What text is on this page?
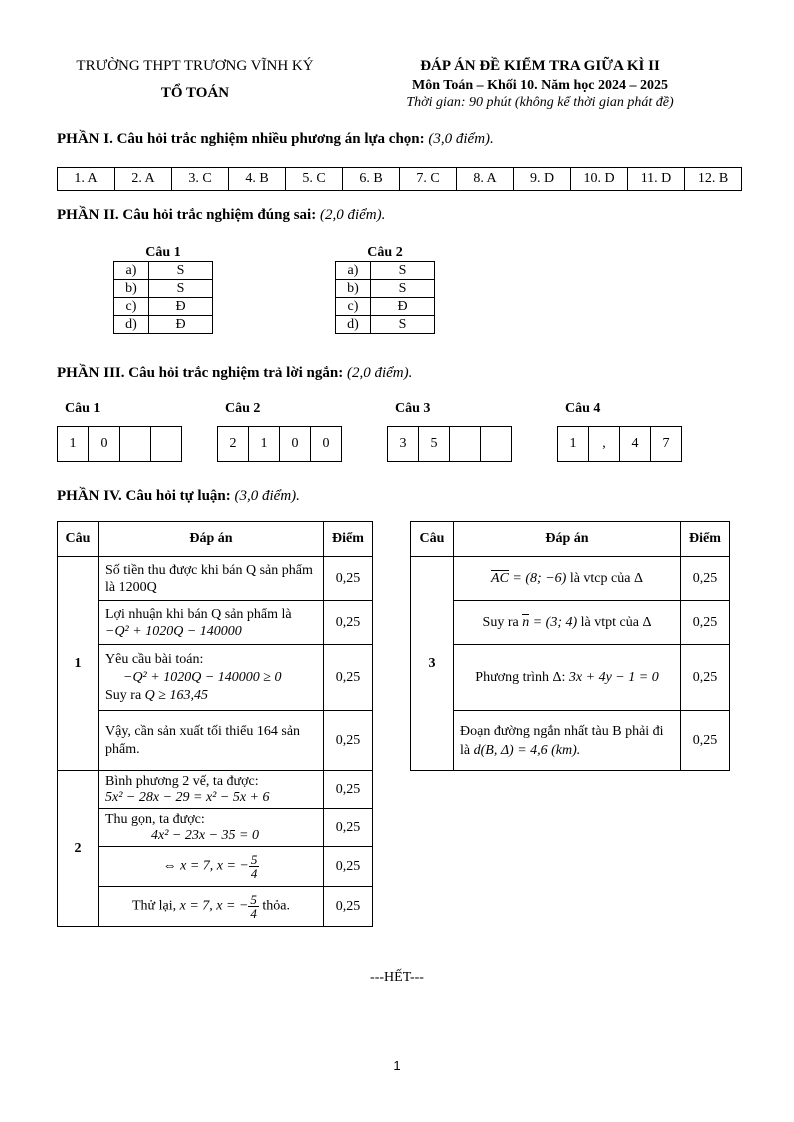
TRƯỜNG THPT TRƯƠNG VĨNH KÝ
TỔ TOÁN
ĐÁP ÁN ĐỀ KIỂM TRA GIỮA KÌ II
Môn Toán – Khối 10. Năm học 2024 – 2025
Thời gian: 90 phút (không kể thời gian phát đề)
PHẦN I. Câu hỏi trắc nghiệm nhiều phương án lựa chọn: (3,0 điểm).
1. A	2. A	3. C	4. B	5. C	6. B	7. C	8. A	9. D	10. D	11. D	12. B
PHẦN II. Câu hỏi trắc nghiệm đúng sai: (2,0 điểm).
Câu 1	
a)	S
b)	S
c)	Đ
d)	Đ
Câu 2	
a)	S
b)	S
c)	Đ
d)	S
PHẦN III. Câu hỏi trắc nghiệm trả lời ngắn: (2,0 điểm).
Câu 1
1	0
Câu 2
2	1	0	0
Câu 3
3	5
Câu 4
1	,	4	7
PHẦN IV. Câu hỏi tự luận: (3,0 điểm).
Câu	Đáp án	Điểm
1	Số tiền thu được khi bán Q sản phẩm là 1200Q	0,25

	Lợi nhuận khi bán Q sản phẩm là
−Q² + 1020Q − 140000	0,25

	Yêu cầu bài toán:
−Q² + 1020Q − 140000 ≥ 0
Suy ra Q ≥ 163,45	0,25
	Vậy, cần sản xuất tối thiểu 164 sản phẩm.	0,25
2	Bình phương 2 vế, ta được:
5x² − 28x − 29 = x² − 5x + 6	0,25

	Thu gọn, ta được:
4x² − 23x − 35 = 0	0,25
	⇔ x = 7, x = − $\frac{5}{4}$	0,25
	Thử lại, x = 7, x = − $\frac{5}{4}$ thỏa.	0,25
Câu	Đáp án	Điểm
3	AC = (8; −6) là vtcp của Δ	0,25
	Suy ra n = (3; 4) là vtpt của Δ	0,25
	Phương trình Δ: 3x + 4y − 1 = 0	0,25
	Đoạn đường ngắn nhất tàu B phải đi là d(B, Δ) = 4,6 (km).	0,25
---HẾT---
1
